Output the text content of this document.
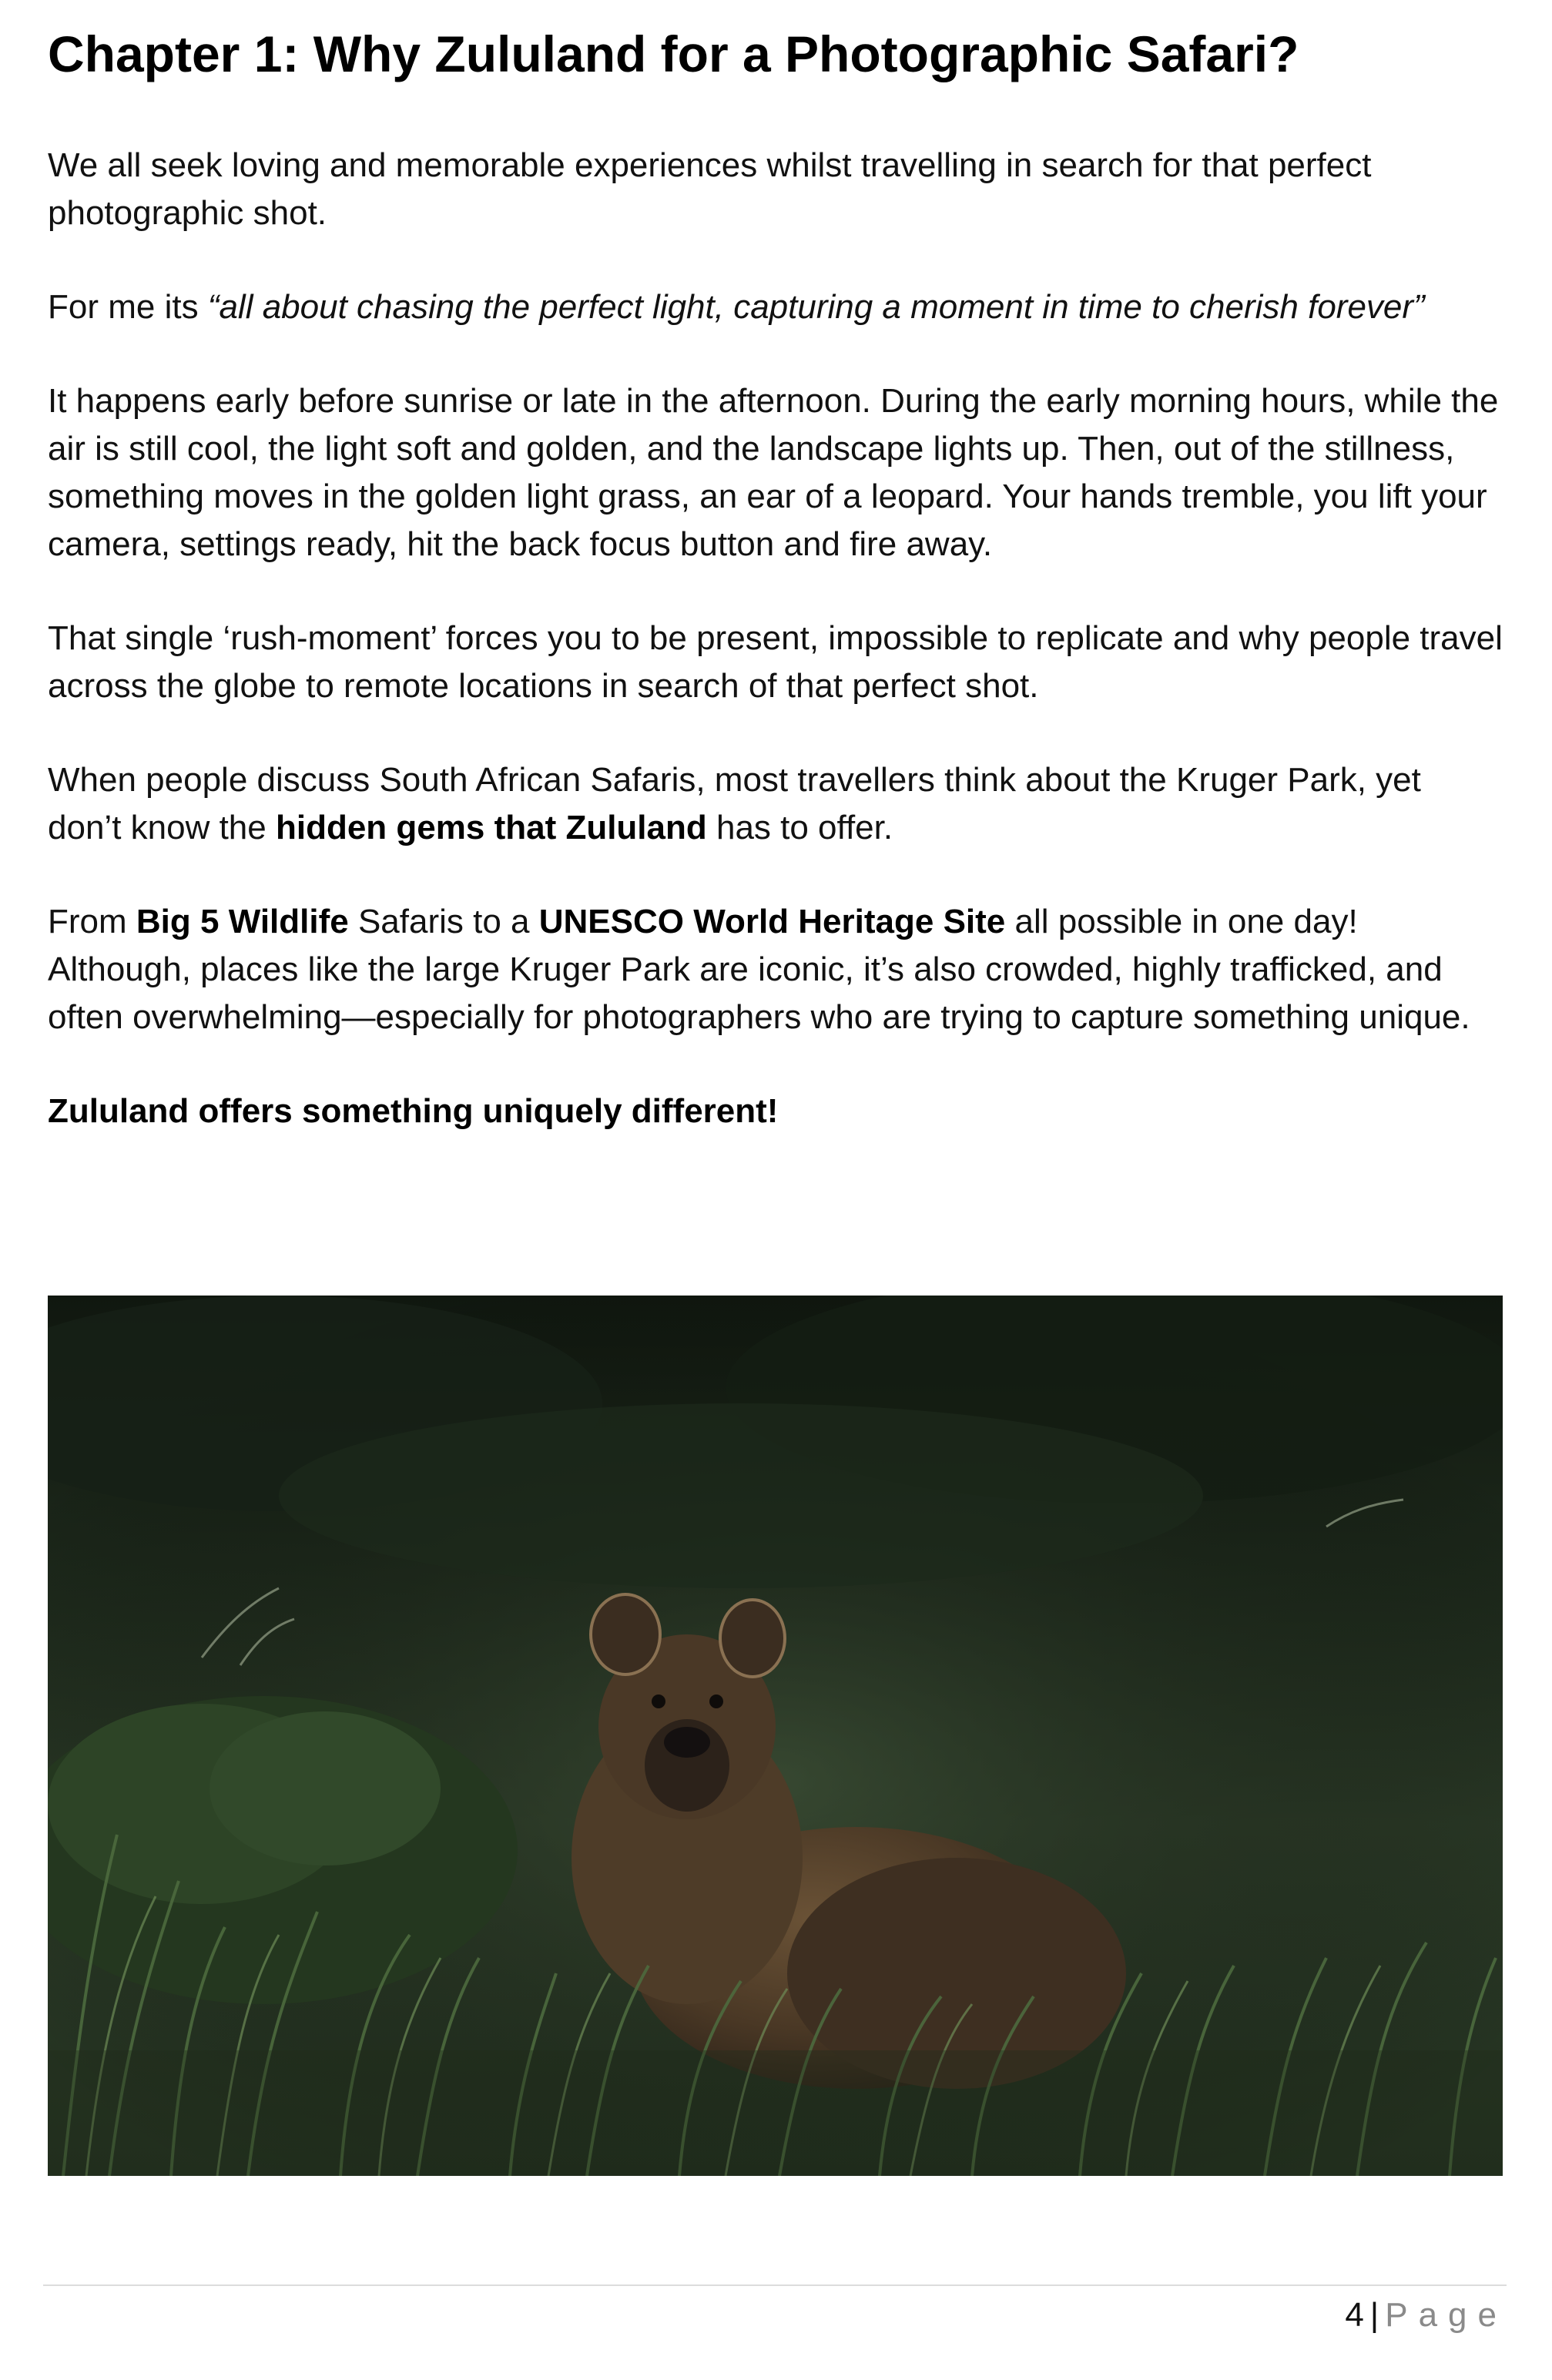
Chapter 1: Why Zululand for a Photographic Safari?

We all seek loving and memorable experiences whilst travelling in search for that perfect photographic shot.

For me its “all about chasing the perfect light, capturing a moment in time to cherish forever”

It happens early before sunrise or late in the afternoon. During the early morning hours, while the air is still cool, the light soft and golden, and the landscape lights up. Then, out of the stillness, something moves in the golden light grass, an ear of a leopard. Your hands tremble, you lift your camera, settings ready, hit the back focus button and fire away.

That single ‘rush-moment’ forces you to be present, impossible to replicate and why people travel across the globe to remote locations in search of that perfect shot.

When people discuss South African Safaris, most travellers think about the Kruger Park, yet don’t know the hidden gems that Zululand has to offer.

From Big 5 Wildlife Safaris to a UNESCO World Heritage Site all possible in one day! Although, places like the large Kruger Park are iconic, it’s also crowded, highly trafficked, and often overwhelming—especially for photographers who are trying to capture something unique.

Zululand offers something uniquely different!

4 | Page
